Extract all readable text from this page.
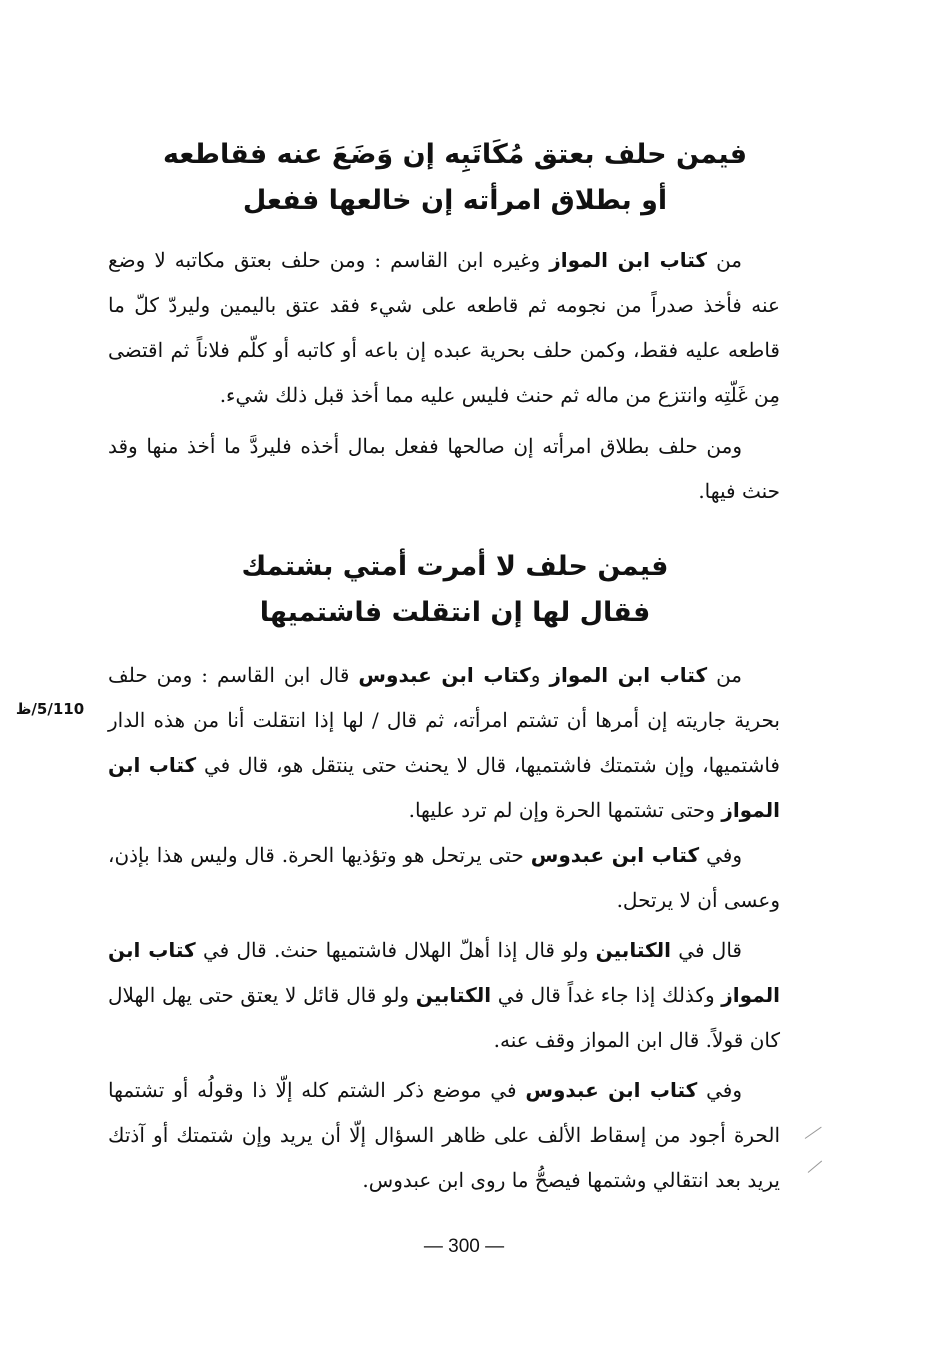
فيمن حلف بعتق مُكَاتَبِه إن وَضَعَ عنه فقاطعه
أو بطلاق امرأته إن خالعها ففعل
من كتاب ابن المواز وغيره ابن القاسم : ومن حلف بعتق مكاتبه لا وضع عنه فأخذ صدراً من نجومه ثم قاطعه على شيء فقد عتق باليمين وليردّ كلّ ما قاطعه عليه فقط، وكمن حلف بحرية عبده إن باعه أو كاتبه أو كلّم فلاناً ثم اقتضى مِن غَلّتِه وانتزع من ماله ثم حنث فليس عليه مما أخذ قبل ذلك شيء.
ومن حلف بطلاق امرأته إن صالحها ففعل بمال أخذه فليردَّ ما أخذ منها وقد حنث فيها.
فيمن حلف لا أمرت أمتي بشتمك
فقال لها إن انتقلت فاشتميها
من كتاب ابن المواز وكتاب ابن عبدوس قال ابن القاسم : ومن حلف بحرية جاريته إن أمرها أن تشتم امرأته، ثم قال / لها إذا انتقلت أنا من هذه الدار فاشتميها، وإن شتمتك فاشتميها، قال لا يحنث حتى ينتقل هو، قال في كتاب ابن المواز وحتى تشتمها الحرة وإن لم ترد عليها.
5/110/ظ
وفي كتاب ابن عبدوس حتى يرتحل هو وتؤذيها الحرة. قال وليس هذا بإذن، وعسى أن لا يرتحل.
قال في الكتابين ولو قال إذا أهلّ الهلال فاشتميها حنث. قال في كتاب ابن المواز وكذلك إذا جاء غداً قال في الكتابين ولو قال قائل لا يعتق حتى يهل الهلال كان قولاً. قال ابن المواز وقف عنه.
وفي كتاب ابن عبدوس في موضع ذكر الشتم كله إلّا ذا وقولُه أو تشتمها الحرة أجود من إسقاط الألف على ظاهر السؤال إلّا أن يريد وإن شتمتك أو آذتك يريد بعد انتقالي وشتمها فيصحُّ ما روى ابن عبدوس.
— 300 —
